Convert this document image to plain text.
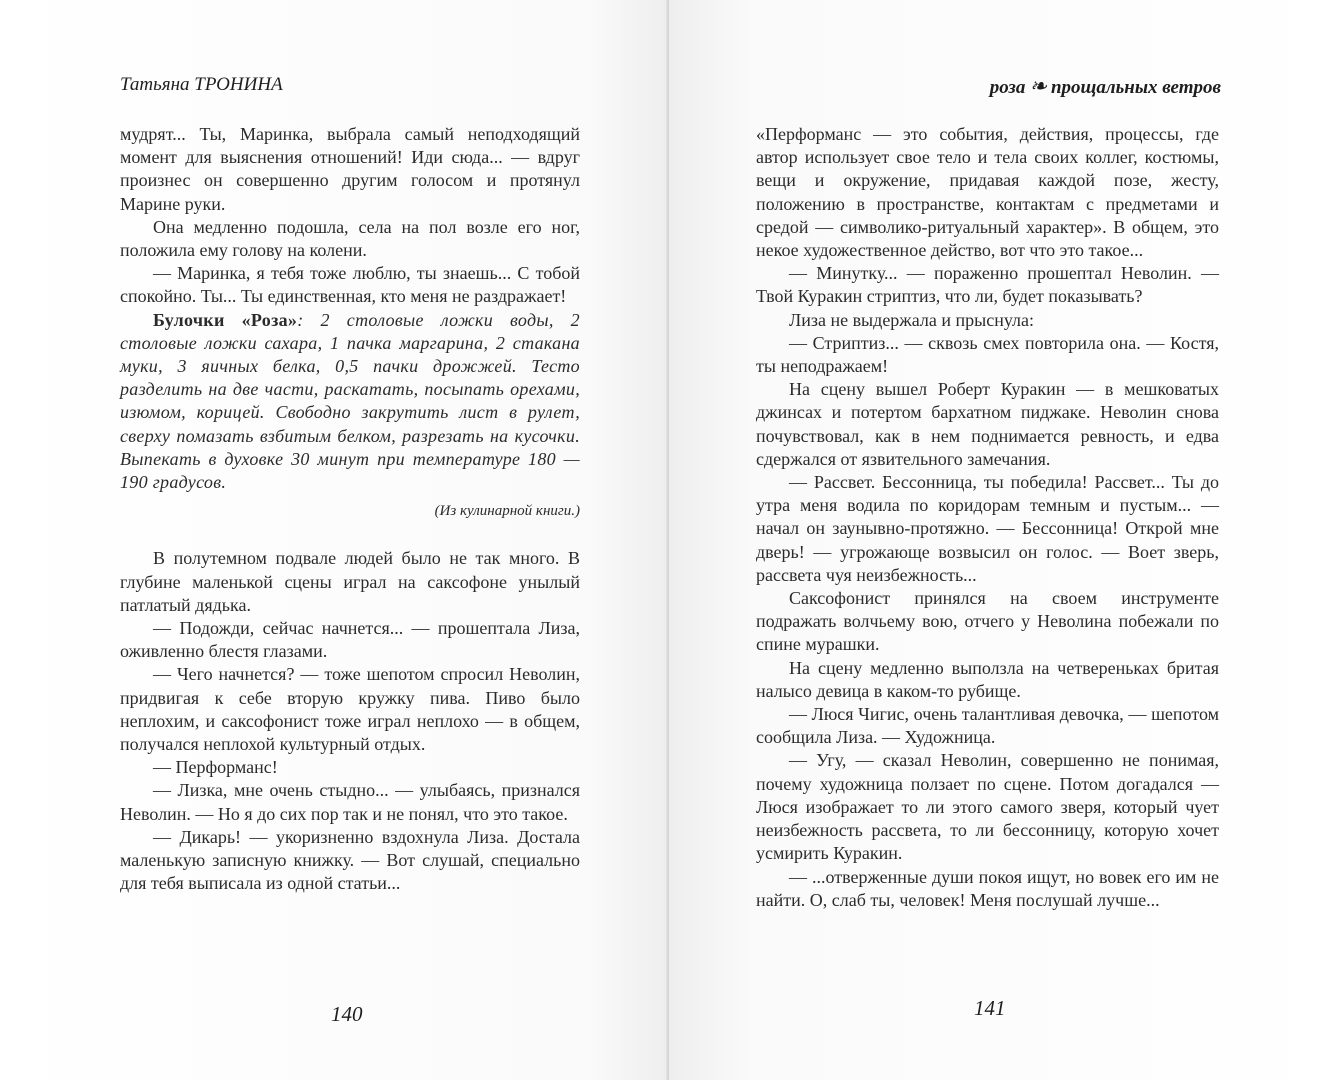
Татьяна ТРОНИНА

мудрят... Ты, Маринка, выбрала самый неподходящий момент для выяснения отношений! Иди сюда... — вдруг произнес он совершенно другим голосом и протянул Марине руки.

Она медленно подошла, села на пол возле его ног, положила ему голову на колени.

— Маринка, я тебя тоже люблю, ты знаешь... С тобой спокойно. Ты... Ты единственная, кто меня не раздражает!

Булочки «Роза»: 2 столовые ложки воды, 2 столовые ложки сахара, 1 пачка маргарина, 2 стакана муки, 3 яичных белка, 0,5 пачки дрожжей. Тесто разделить на две части, раскатать, посыпать орехами, изюмом, корицей. Свободно закрутить лист в рулет, сверху помазать взбитым белком, разрезать на кусочки. Выпекать в духовке 30 минут при температуре 180 — 190 градусов.

(Из кулинарной книги.)

В полутемном подвале людей было не так много. В глубине маленькой сцены играл на саксофоне унылый патлатый дядька.

— Подожди, сейчас начнется... — прошептала Лиза, оживленно блестя глазами.

— Чего начнется? — тоже шепотом спросил Неволин, придвигая к себе вторую кружку пива. Пиво было неплохим, и саксофонист тоже играл неплохо — в общем, получался неплохой культурный отдых.

— Перформанс!

— Лизка, мне очень стыдно... — улыбаясь, признался Неволин. — Но я до сих пор так и не понял, что это такое.

— Дикарь! — укоризненно вздохнула Лиза. Достала маленькую записную книжку. — Вот слушай, специально для тебя выписала из одной статьи...

140
роза ❧ прощальных ветров

«Перформанс — это события, действия, процессы, где автор использует свое тело и тела своих коллег, костюмы, вещи и окружение, придавая каждой позе, жесту, положению в пространстве, контактам с предметами и средой — символико-ритуальный характер». В общем, это некое художественное действо, вот что это такое...

— Минутку... — пораженно прошептал Неволин. — Твой Куракин стриптиз, что ли, будет показывать?

Лиза не выдержала и прыснула:

— Стриптиз... — сквозь смех повторила она. — Костя, ты неподражаем!

На сцену вышел Роберт Куракин — в мешковатых джинсах и потертом бархатном пиджаке. Неволин снова почувствовал, как в нем поднимается ревность, и едва сдержался от язвительного замечания.

— Рассвет. Бессонница, ты победила! Рассвет... Ты до утра меня водила по коридорам темным и пустым... — начал он заунывно-протяжно. — Бессонница! Открой мне дверь! — угрожающе возвысил он голос. — Воет зверь, рассвета чуя неизбежность...

Саксофонист принялся на своем инструменте подражать волчьему вою, отчего у Неволина побежали по спине мурашки.

На сцену медленно выползла на четвереньках бритая налысо девица в каком-то рубище.

— Люся Чигис, очень талантливая девочка, — шепотом сообщила Лиза. — Художница.

— Угу, — сказал Неволин, совершенно не понимая, почему художница ползает по сцене. Потом догадался — Люся изображает то ли этого самого зверя, который чует неизбежность рассвета, то ли бессонницу, которую хочет усмирить Куракин.

— ...отверженные души покоя ищут, но вовек его им не найти. О, слаб ты, человек! Меня послушай лучше...

141
